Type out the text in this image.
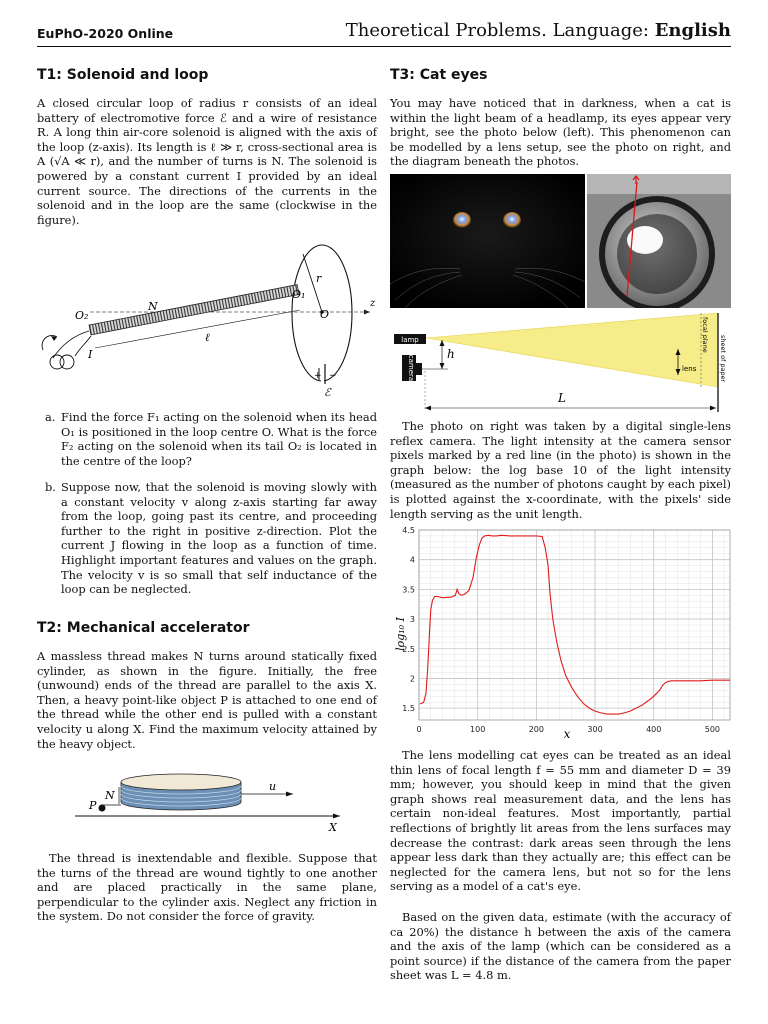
EuPhO-2020 Online	Theoretical Problems. Language: English
T1: Solenoid and loop

A closed circular loop of radius r consists of an ideal battery of electromotive force ℰ and a wire of resistance R. A long thin air-core solenoid is aligned with the axis of the loop (z-axis). Its length is ℓ ≫ r, cross-sectional area is A (√A ≪ r), and the number of turns is N. The solenoid is powered by a constant current I provided by an ideal current source. The directions of the currents in the solenoid and in the loop are the same (clockwise in the figure).

r
O₁
O₂	O
z
N
ℓ
I
+ −
ℰ
a. Find the force F₁ acting on the solenoid when its head O₁ is positioned in the loop centre O. What is the force F₂ acting on the solenoid when its tail O₂ is located in the centre of the loop?
b. Suppose now, that the solenoid is moving slowly with a constant velocity v along z-axis starting far away from the loop, going past its centre, and proceeding further to the right in positive z-direction. Plot the current J flowing in the loop as a function of time. Highlight important features and values on the graph. The velocity v is so small that self inductance of the loop can be neglected.
T2: Mechanical accelerator

A massless thread makes N turns around statically fixed cylinder, as shown in the figure. Initially, the free (unwound) ends of the thread are parallel to the axis X. Then, a heavy point-like object P is attached to one end of the thread while the other end is pulled with a constant velocity u along X. Find the maximum velocity attained by the heavy object.

N
P
u
X

The thread is inextendable and flexible. Suppose that the turns of the thread are wound tightly to one another and are placed practically in the same plane, perpendicular to the cylinder axis. Neglect any friction in the system. Do not consider the force of gravity.

T3: Cat eyes

You may have noticed that in darkness, when a cat is within the light beam of a headlamp, its eyes appear very bright, see the photo below (left). This phenomenon can be modelled by a lens setup, see the photo on right, and the diagram beneath the photos.

lamp
camera
h
L
lens
focal plane
sheet of paper

The photo on right was taken by a digital single-lens reflex camera. The light intensity at the camera sensor pixels marked by a red line (in the photo) is shown in the graph below: the log base 10 of the light intensity (measured as the number of photons caught by each pixel) is plotted against the x-coordinate, with the pixels' side length serving as the unit length.

0	100	200	300	400	500
1.5
2
2.5
3
3.5
4
4.5
log₁₀ I
x

The lens modelling cat eyes can be treated as an ideal thin lens of focal length f = 55 mm and diameter D = 39 mm; however, you should keep in mind that the given graph shows real measurement data, and the lens has certain non-ideal features. Most importantly, partial reflections of brightly lit areas from the lens surfaces may decrease the contrast: dark areas seen through the lens appear less dark than they actually are; this effect can be neglected for the camera lens, but not so for the lens serving as a model of a cat's eye.

Based on the given data, estimate (with the accuracy of ca 20%) the distance h between the axis of the camera and the axis of the lamp (which can be considered as a point source) if the distance of the camera from the paper sheet was L = 4.8 m.
